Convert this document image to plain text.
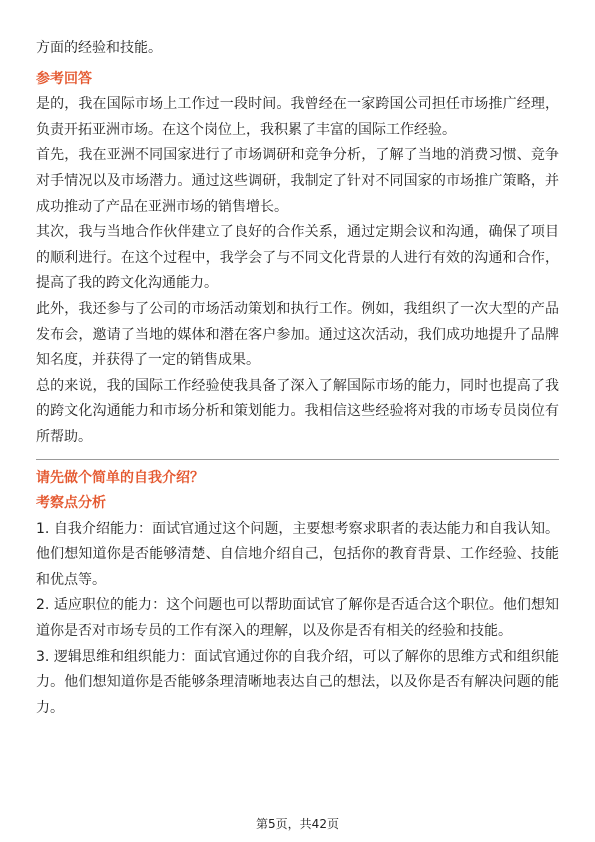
方面的经验和技能。

参考回答

是的，我在国际市场上工作过一段时间。我曾经在一家跨国公司担任市场推广经理，负责开拓亚洲市场。在这个岗位上，我积累了丰富的国际工作经验。

首先，我在亚洲不同国家进行了市场调研和竞争分析，了解了当地的消费习惯、竞争对手情况以及市场潜力。通过这些调研，我制定了针对不同国家的市场推广策略，并成功推动了产品在亚洲市场的销售增长。

其次，我与当地合作伙伴建立了良好的合作关系，通过定期会议和沟通，确保了项目的顺利进行。在这个过程中，我学会了与不同文化背景的人进行有效的沟通和合作，提高了我的跨文化沟通能力。

此外，我还参与了公司的市场活动策划和执行工作。例如，我组织了一次大型的产品发布会，邀请了当地的媒体和潜在客户参加。通过这次活动，我们成功地提升了品牌知名度，并获得了一定的销售成果。

总的来说，我的国际工作经验使我具备了深入了解国际市场的能力，同时也提高了我的跨文化沟通能力和市场分析和策划能力。我相信这些经验将对我的市场专员岗位有所帮助。

请先做个简单的自我介绍？
考察点分析

1. 自我介绍能力：面试官通过这个问题，主要想考察求职者的表达能力和自我认知。他们想知道你是否能够清楚、自信地介绍自己，包括你的教育背景、工作经验、技能和优点等。

2. 适应职位的能力：这个问题也可以帮助面试官了解你是否适合这个职位。他们想知道你是否对市场专员的工作有深入的理解，以及你是否有相关的经验和技能。

3. 逻辑思维和组织能力：面试官通过你的自我介绍，可以了解你的思维方式和组织能力。他们想知道你是否能够条理清晰地表达自己的想法，以及你是否有解决问题的能力。

第5页，共42页
